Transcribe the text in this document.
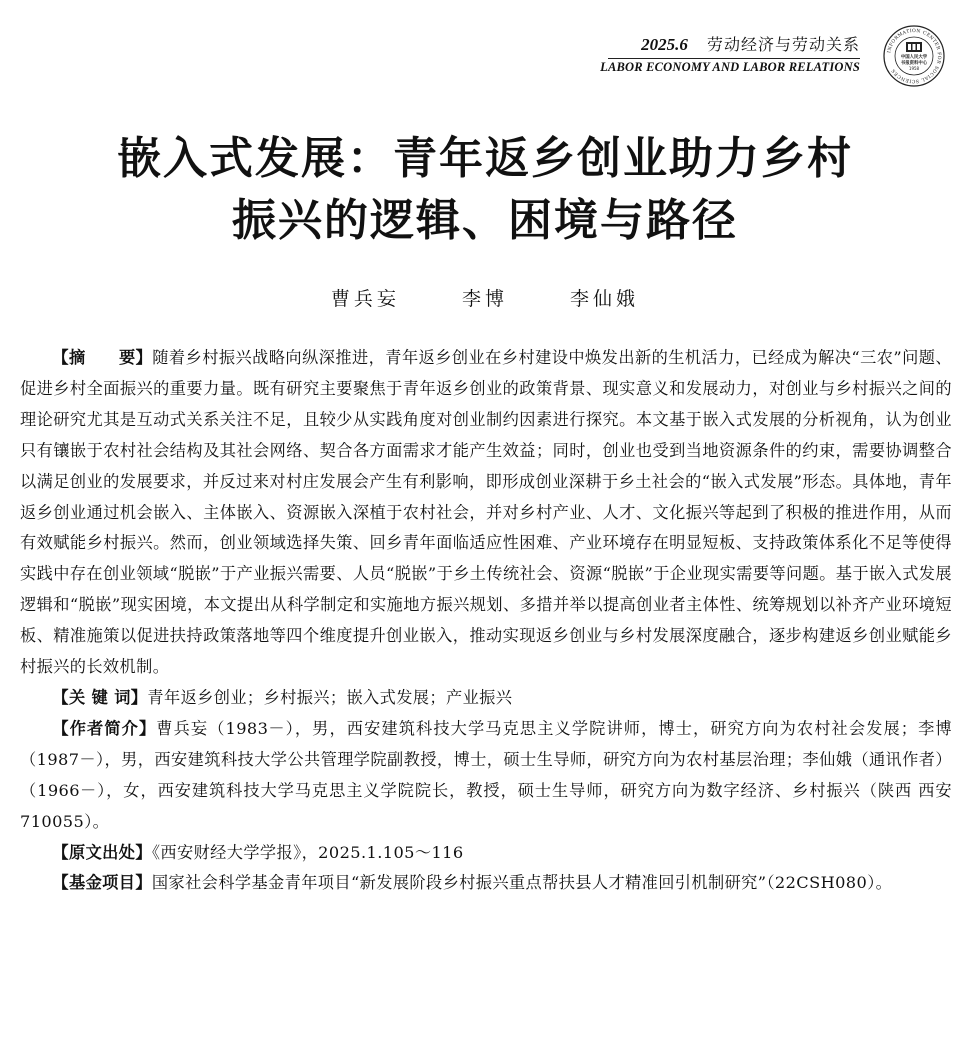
2025.6 劳动经济与劳动关系
LABOR ECONOMY AND LABOR RELATIONS
INFORMATION CENTER FOR SOCIAL SCIENCES
中国人民大学
书报资料中心
1958
嵌入式发展：青年返乡创业助力乡村
振兴的逻辑、困境与路径
曹兵妄	李博	李仙娥

【摘　　要】随着乡村振兴战略向纵深推进，青年返乡创业在乡村建设中焕发出新的生机活力，已经成为解决“三农”问题、促进乡村全面振兴的重要力量。既有研究主要聚焦于青年返乡创业的政策背景、现实意义和发展动力，对创业与乡村振兴之间的理论研究尤其是互动式关系关注不足，且较少从实践角度对创业制约因素进行探究。本文基于嵌入式发展的分析视角，认为创业只有镶嵌于农村社会结构及其社会网络、契合各方面需求才能产生效益；同时，创业也受到当地资源条件的约束，需要协调整合以满足创业的发展要求，并反过来对村庄发展会产生有利影响，即形成创业深耕于乡土社会的“嵌入式发展”形态。具体地，青年返乡创业通过机会嵌入、主体嵌入、资源嵌入深植于农村社会，并对乡村产业、人才、文化振兴等起到了积极的推进作用，从而有效赋能乡村振兴。然而，创业领域选择失策、回乡青年面临适应性困难、产业环境存在明显短板、支持政策体系化不足等使得实践中存在创业领域“脱嵌”于产业振兴需要、人员“脱嵌”于乡土传统社会、资源“脱嵌”于企业现实需要等问题。基于嵌入式发展逻辑和“脱嵌”现实困境，本文提出从科学制定和实施地方振兴规划、多措并举以提高创业者主体性、统筹规划以补齐产业环境短板、精准施策以促进扶持政策落地等四个维度提升创业嵌入，推动实现返乡创业与乡村发展深度融合，逐步构建返乡创业赋能乡村振兴的长效机制。

【关 键 词】青年返乡创业；乡村振兴；嵌入式发展；产业振兴

【作者简介】曹兵妄（1983－），男，西安建筑科技大学马克思主义学院讲师，博士，研究方向为农村社会发展；李博（1987－），男，西安建筑科技大学公共管理学院副教授，博士，硕士生导师，研究方向为农村基层治理；李仙娥（通讯作者）（1966－），女，西安建筑科技大学马克思主义学院院长，教授，硕士生导师，研究方向为数字经济、乡村振兴（陕西 西安 710055）。

【原文出处】《西安财经大学学报》，2025.1.105～116

【基金项目】国家社会科学基金青年项目“新发展阶段乡村振兴重点帮扶县人才精准回引机制研究”（22CSH080）。
